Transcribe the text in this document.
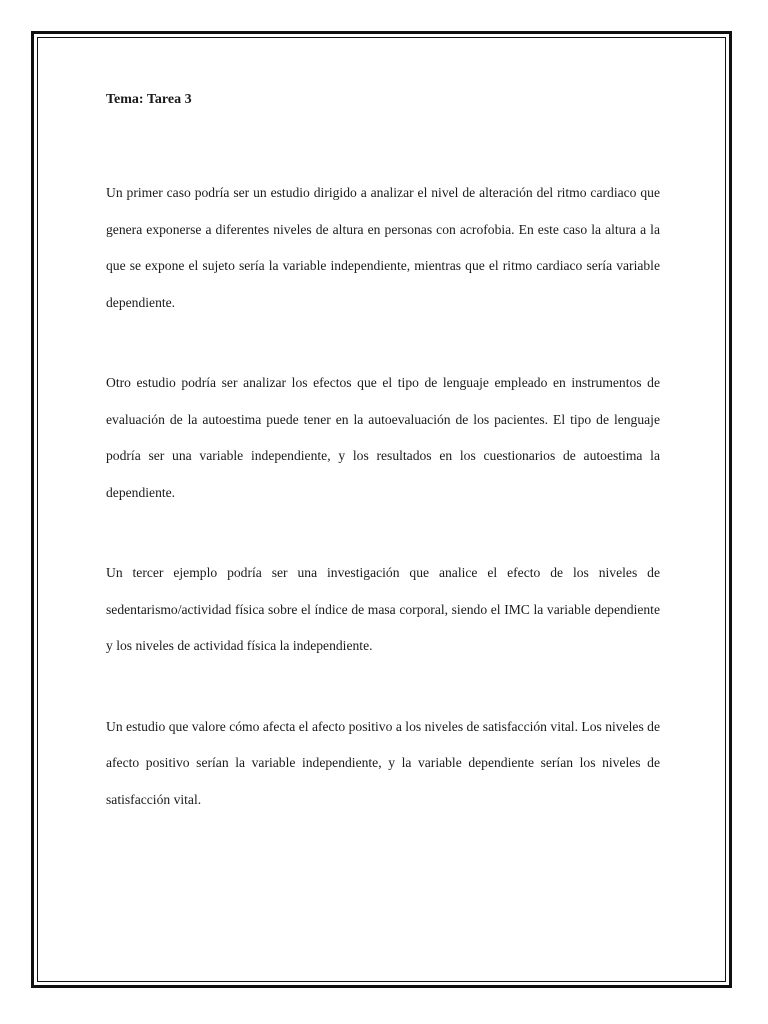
Tema: Tarea 3

Un primer caso podría ser un estudio dirigido a analizar el nivel de alteración del ritmo cardiaco que genera exponerse a diferentes niveles de altura en personas con acrofobia. En este caso la altura a la que se expone el sujeto sería la variable independiente, mientras que el ritmo cardiaco sería variable dependiente.

Otro estudio podría ser analizar los efectos que el tipo de lenguaje empleado en instrumentos de evaluación de la autoestima puede tener en la autoevaluación de los pacientes. El tipo de lenguaje podría ser una variable independiente, y los resultados en los cuestionarios de autoestima la dependiente.

Un tercer ejemplo podría ser una investigación que analice el efecto de los niveles de sedentarismo/actividad física sobre el índice de masa corporal, siendo el IMC la variable dependiente y los niveles de actividad física la independiente.

Un estudio que valore cómo afecta el afecto positivo a los niveles de satisfacción vital. Los niveles de afecto positivo serían la variable independiente, y la variable dependiente serían los niveles de satisfacción vital.
